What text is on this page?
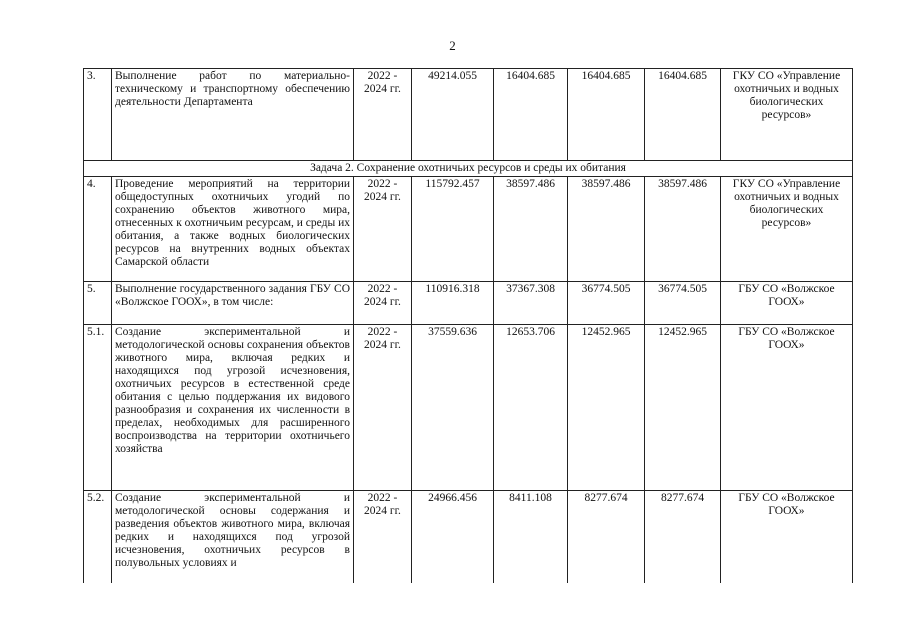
2
3.	Выполнение работ по материально-техническому и транспортному обеспечению деятельности Департамента	2022 - 2024 гг.	49214.055	16404.685	16404.685	16404.685	ГКУ СО «Управление охотничьих и водных биологических ресурсов»
Задача 2. Сохранение охотничьих ресурсов и среды их обитания							
4.	Проведение мероприятий на территории общедоступных охотничьих угодий по сохранению объектов животного мира, отнесенных к охотничьим ресурсам, и среды их обитания, а также водных биологических ресурсов на внутренних водных объектах Самарской области	2022 - 2024 гг.	115792.457	38597.486	38597.486	38597.486	ГКУ СО «Управление охотничьих и водных биологических ресурсов»
5.	Выполнение государственного задания ГБУ СО «Волжское ГООХ», в том числе:	2022 - 2024 гг.	110916.318	37367.308	36774.505	36774.505	ГБУ СО «Волжское ГООХ»
5.1.	Создание экспериментальной и методологической основы сохранения объектов животного мира, включая редких и находящихся под угрозой исчезновения, охотничьих ресурсов в естественной среде обитания с целью поддержания их видового разнообразия и сохранения их численности в пределах, необходимых для расширенного воспроизводства на территории охотничьего хозяйства	2022 - 2024 гг.	37559.636	12653.706	12452.965	12452.965	ГБУ СО «Волжское ГООХ»
5.2.	Создание экспериментальной и методологической основы содержания и разведения объектов животного мира, включая редких и находящихся под угрозой исчезновения, охотничьих ресурсов в полувольных условиях и	2022 - 2024 гг.	24966.456	8411.108	8277.674	8277.674	ГБУ СО «Волжское ГООХ»
